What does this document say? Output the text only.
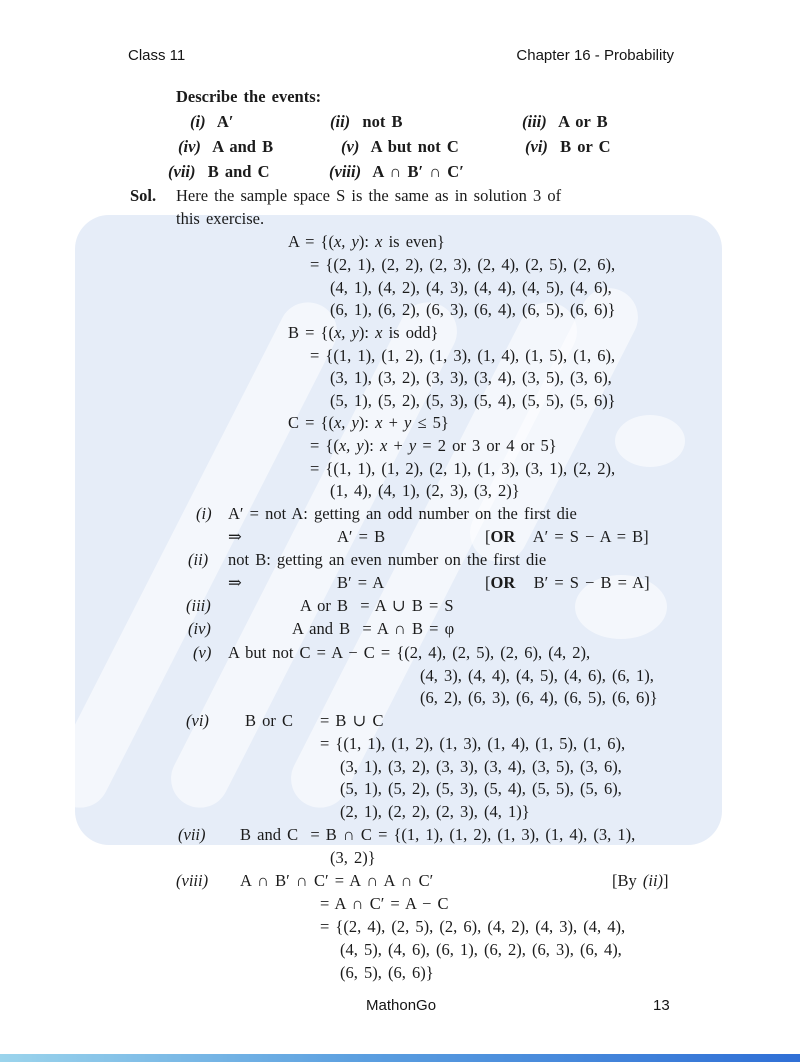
Class 11	Chapter 16 - Probability
Describe the events:
(i)  A′	(ii)  not B	(iii)  A or B
(iv)  A and B	(v)  A but not C	(vi)  B or C
(vii)  B and C	(viii)  A ∩ B′ ∩ C′
Sol. Here the sample space S is the same as in solution 3 of
this exercise.
A = {(x, y): x is even}
= {(2, 1), (2, 2), (2, 3), (2, 4), (2, 5), (2, 6),
(4, 1), (4, 2), (4, 3), (4, 4), (4, 5), (4, 6),
(6, 1), (6, 2), (6, 3), (6, 4), (6, 5), (6, 6)}
B = {(x, y): x is odd}
= {(1, 1), (1, 2), (1, 3), (1, 4), (1, 5), (1, 6),
(3, 1), (3, 2), (3, 3), (3, 4), (3, 5), (3, 6),
(5, 1), (5, 2), (5, 3), (5, 4), (5, 5), (5, 6)}
C = {(x, y): x + y ≤ 5}
= {(x, y): x + y = 2 or 3 or 4 or 5}
= {(1, 1), (1, 2), (2, 1), (1, 3), (3, 1), (2, 2),
(1, 4), (4, 1), (2, 3), (3, 2)}
(i) A′ = not A: getting an odd number on the first die
⇒	A′ = B	[OR   A′ = S − A = B]
(ii) not B: getting an even number on the first die
⇒	B′ = A	[OR   B′ = S − B = A]
(iii)	A or B  = A ∪ B = S
(iv)	A and B  = A ∩ B = φ
(v) A but not C = A − C = {(2, 4), (2, 5), (2, 6), (4, 2),
(4, 3), (4, 4), (4, 5), (4, 6), (6, 1),
(6, 2), (6, 3), (6, 4), (6, 5), (6, 6)}
(vi) B or C = B ∪ C
= {(1, 1), (1, 2), (1, 3), (1, 4), (1, 5), (1, 6),
(3, 1), (3, 2), (3, 3), (3, 4), (3, 5), (3, 6),
(5, 1), (5, 2), (5, 3), (5, 4), (5, 5), (5, 6),
(2, 1), (2, 2), (2, 3), (4, 1)}
(vii) B and C  = B ∩ C = {(1, 1), (1, 2), (1, 3), (1, 4), (3, 1),
(3, 2)}
(viii) A ∩ B′ ∩ C′ = A ∩ A ∩ C′	[By (ii)]
= A ∩ C′ = A − C
= {(2, 4), (2, 5), (2, 6), (4, 2), (4, 3), (4, 4),
(4, 5), (4, 6), (6, 1), (6, 2), (6, 3), (6, 4),
(6, 5), (6, 6)}
MathonGo	13
